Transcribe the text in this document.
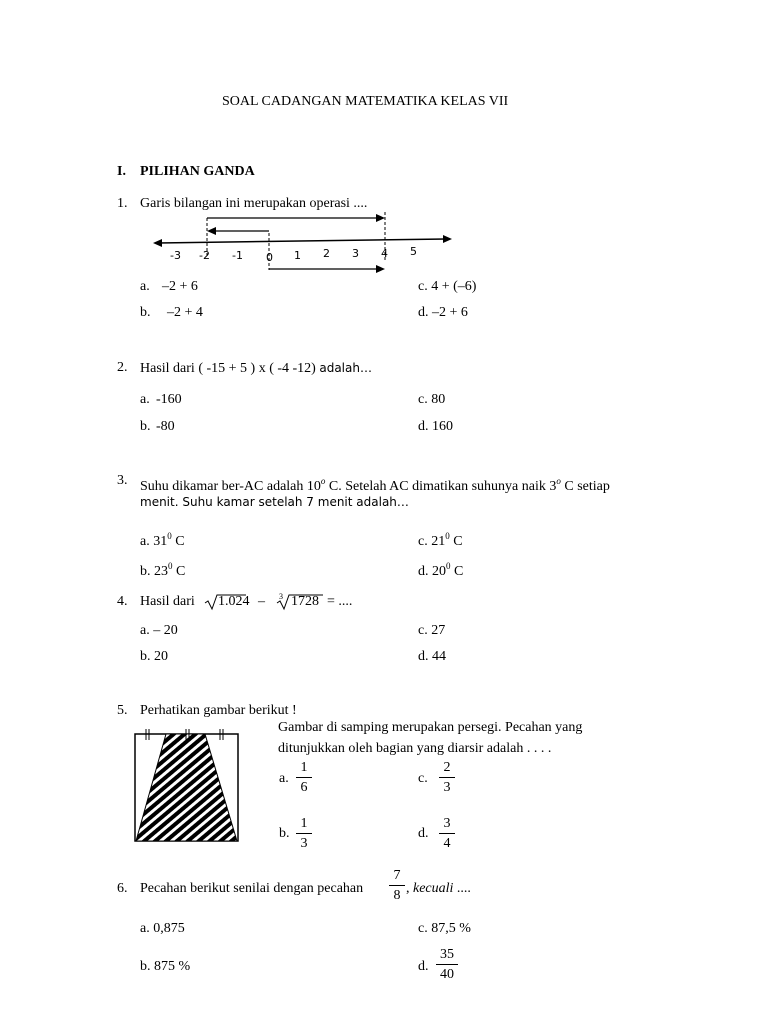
SOAL CADANGAN MATEMATIKA KELAS VII
I. PILIHAN GANDA
1. Garis bilangan ini merupakan operasi ....
-3 -2 -1 0 1 2 3 4 5
a. –2 + 6
b. –2 + 4
c. 4 + (–6)
d. –2 + 6
2. Hasil dari ( -15 + 5 ) x ( -4 -12) adalah…
a. -160
b. -80
c. 80
d. 160
3. Suhu dikamar ber-AC adalah 10$^o$ C. Setelah AC dimatikan suhunya naik 3$^o$ C setiap
menit. Suhu kamar setelah 7 menit adalah…
a. $31^0$ C
b. $23^0$ C
c. $21^0$ C
d. $20^0$ C
4. Hasil dari 1.024 – 3 1728 = ....
a. – 20
b. 20
c. 27
d. 44
5. Perhatikan gambar berikut !
Gambar di samping merupakan persegi. Pecahan yang
ditunjukkan oleh bagian yang diarsir adalah . . . .
a.
1
6
b.
1
3
c.
2
3
d.
3
4
6. Pecahan berikut senilai dengan pecahan
7
8 , kecuali ....
a. 0,875
b. 875 %
c. 87,5 %
d.
35
40
